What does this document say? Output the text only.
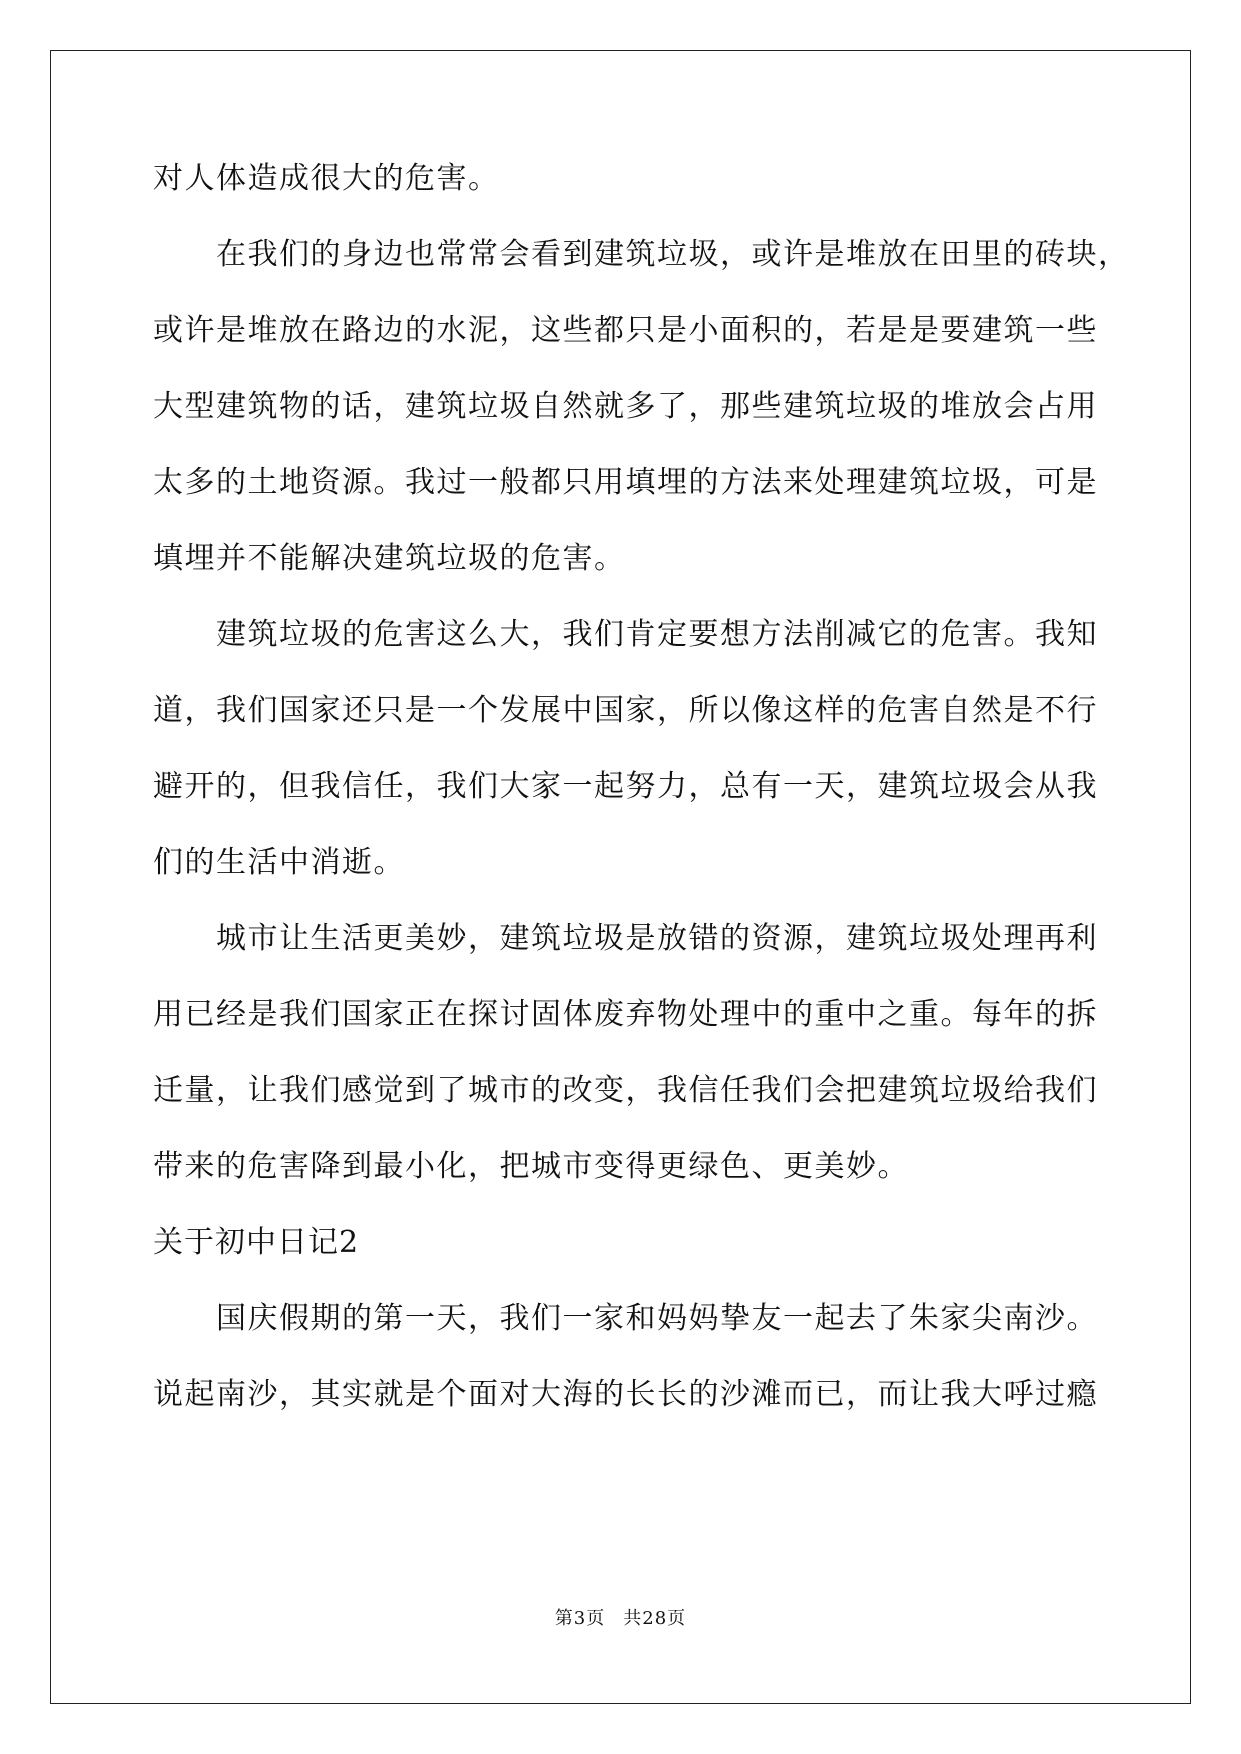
对人体造成很大的危害。
在我们的身边也常常会看到建筑垃圾，或许是堆放在田里的砖块，
或许是堆放在路边的水泥，这些都只是小面积的，若是是要建筑一些
大型建筑物的话，建筑垃圾自然就多了，那些建筑垃圾的堆放会占用
太多的土地资源。我过一般都只用填埋的方法来处理建筑垃圾，可是
填埋并不能解决建筑垃圾的危害。
建筑垃圾的危害这么大，我们肯定要想方法削减它的危害。我知
道，我们国家还只是一个发展中国家，所以像这样的危害自然是不行
避开的，但我信任，我们大家一起努力，总有一天，建筑垃圾会从我
们的生活中消逝。
城市让生活更美妙，建筑垃圾是放错的资源，建筑垃圾处理再利
用已经是我们国家正在探讨固体废弃物处理中的重中之重。每年的拆
迁量，让我们感觉到了城市的改变，我信任我们会把建筑垃圾给我们
带来的危害降到最小化，把城市变得更绿色、更美妙。
关于初中日记2
国庆假期的第一天，我们一家和妈妈挚友一起去了朱家尖南沙。
说起南沙，其实就是个面对大海的长长的沙滩而已，而让我大呼过瘾
第3页 共28页
